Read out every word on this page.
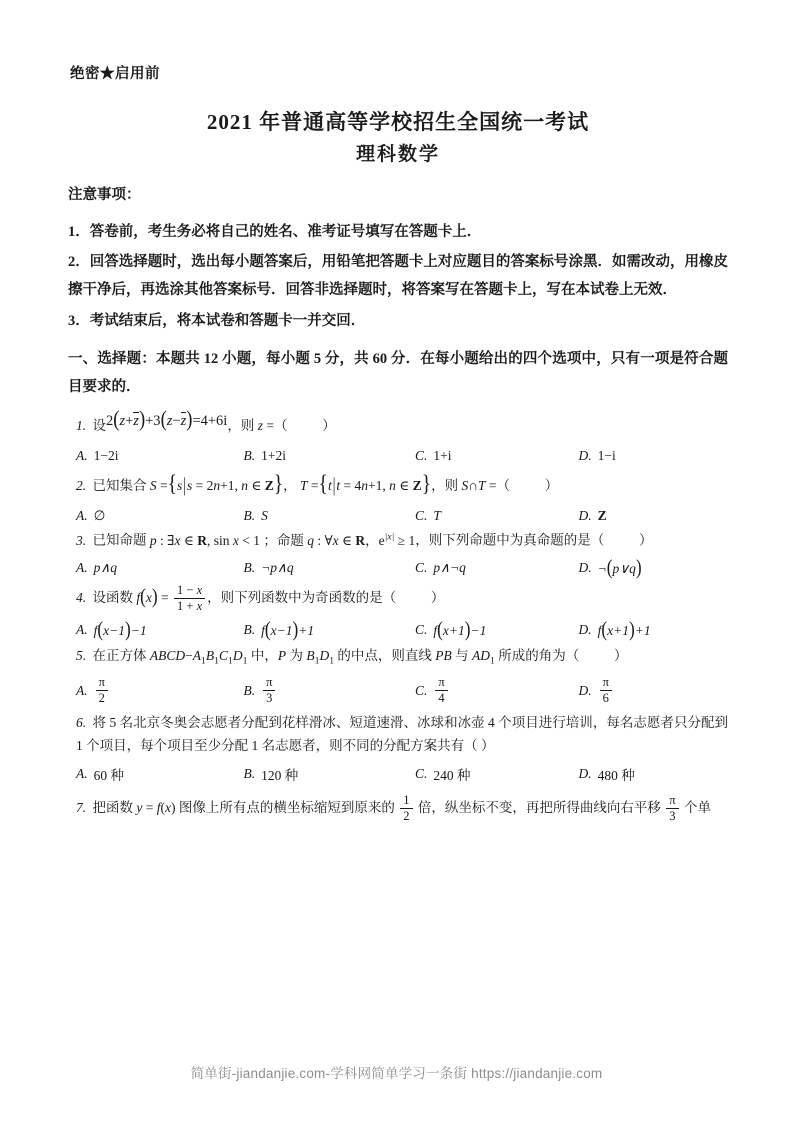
绝密★启用前
2021 年普通高等学校招生全国统一考试
理科数学
注意事项：
1．答卷前，考生务必将自己的姓名、准考证号填写在答题卡上．
2．回答选择题时，选出每小题答案后，用铅笔把答题卡上对应题目的答案标号涂黑．如需改动，用橡皮擦干净后，再选涂其他答案标号．回答非选择题时，将答案写在答题卡上，写在本试卷上无效．
3．考试结束后，将本试卷和答题卡一并交回．
一、选择题：本题共 12 小题，每小题 5 分，共 60 分．在每小题给出的四个选项中，只有一项是符合题目要求的．
1. 设2(z+z)+3(z−z)=4+6i，则 z =（	）
A. 1−2i	B. 1+2i	C. 1+i	D. 1−i
2. 已知集合 S ={s|s = 2n+1, n ∈ Z}， T ={t|t = 4n+1, n ∈ Z}，则 S∩T =（	）
A. ∅	B. S	C. T	D. Z
3. 已知命题 p : ∃x ∈ R, sin x < 1 ；命题 q : ∀x ∈ R，$e^{|x|} \ge 1$，则下列命题中为真命题的是（	）
A. p∧q	B. ¬p∧q	C. p∧¬q	D. ¬(p∨q)
4. 设函数 $f(x) = \frac{1 - x}{1 + x}$ ，则下列函数中为奇函数的是（	）
A. f(x−1)−1	B. f(x−1)+1	C. f(x+1)−1	D. f(x+1)+1
5. 在正方体 $ABCD-A_1B_1C_1D_1$ 中，P 为 $B_1D_1$ 的中点，则直线 PB 与 $AD_1$ 所成的角为（	）
A. $\frac{\pi}{2}$	B. $\frac{\pi}{3}$	C. $\frac{\pi}{4}$	D. $\frac{\pi}{6}$
6. 将 5 名北京冬奥会志愿者分配到花样滑冰、短道速滑、冰球和冰壶 4 个项目进行培训，每名志愿者只分配到 1 个项目，每个项目至少分配 1 名志愿者，则不同的分配方案共有（ ）
A. 60 种	B. 120 种	C. 240 种	D. 480 种
7. 把函数 y = f(x) 图像上所有点的横坐标缩短到原来的 $\frac{1}{2}$ 倍，纵坐标不变，再把所得曲线向右平移 $\frac{\pi}{3}$ 个单
简单街-jiandanjie.com-学科网简单学习一条街 https://jiandanjie.com
